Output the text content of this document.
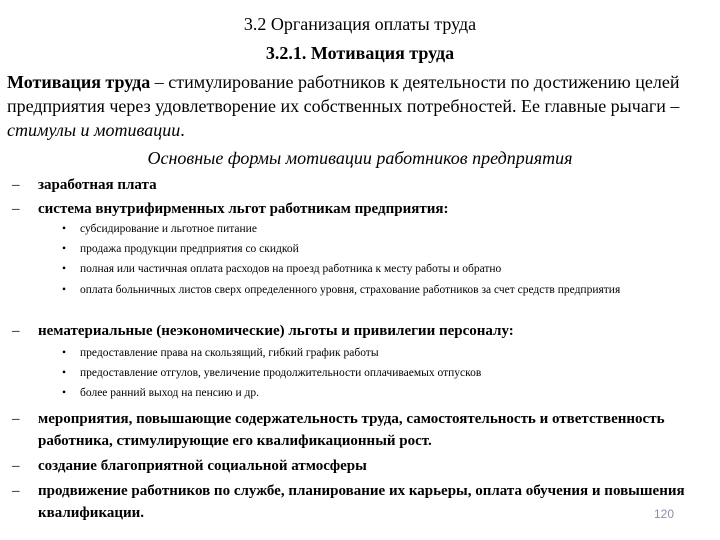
3.2 Организация оплаты труда
3.2.1. Мотивация труда
Мотивация труда – стимулирование работников к деятельности по достижению целей предприятия через удовлетворение их собственных потребностей. Ее главные рычаги – стимулы и мотивации.
Основные формы мотивации работников предприятия
– заработная плата
– система внутрифирменных льгот работникам предприятия:
• субсидирование и льготное питание
• продажа продукции предприятия со скидкой
• полная или частичная оплата расходов на проезд работника к месту работы и обратно
• оплата больничных листов сверх определенного уровня, страхование работников за счет средств предприятия
– нематериальные (неэкономические) льготы и привилегии персоналу:
• предоставление права на скользящий, гибкий график работы
• предоставление отгулов, увеличение продолжительности оплачиваемых отпусков
• более ранний выход на пенсию и др.
– мероприятия, повышающие содержательность труда, самостоятельность и ответственность работника, стимулирующие его квалификационный рост.
– создание благоприятной социальной атмосферы
– продвижение работников по службе, планирование их карьеры, оплата обучения и повышения квалификации.	120
